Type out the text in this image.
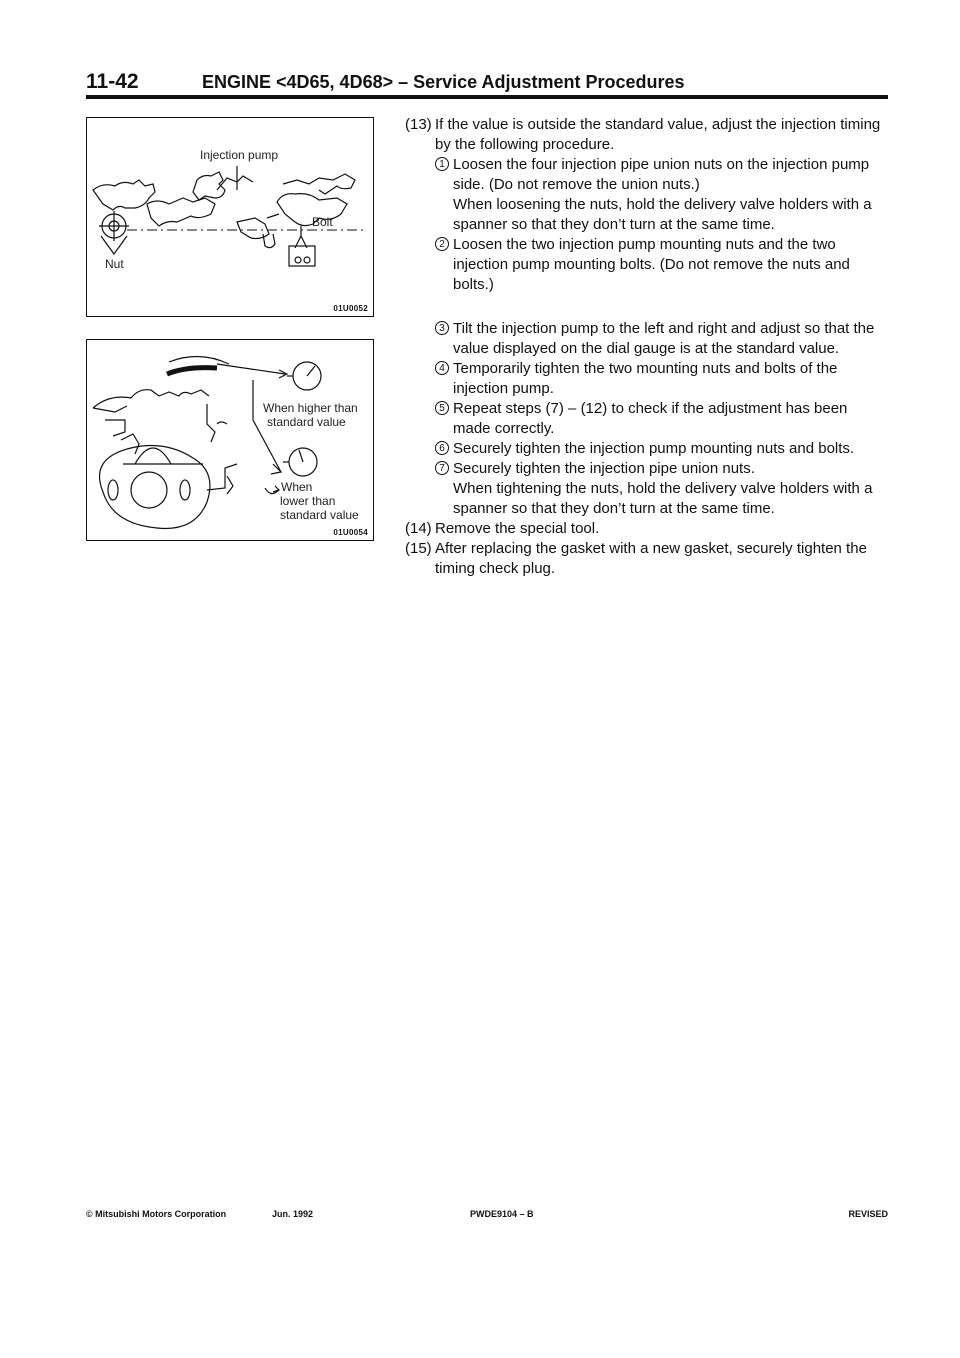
11-42	ENGINE <4D65, 4D68> – Service Adjustment Procedures
Injection pump
Bolt
Nut
01U0052
When higher than
standard value
When
lower than
standard value
01U0054

(13) If the value is outside the standard value, adjust the injection timing by the following procedure.

1 Loosen the four injection pipe union nuts on the injection pump side. (Do not remove the union nuts.)

When loosening the nuts, hold the delivery valve holders with a spanner so that they don’t turn at the same time.

2 Loosen the two injection pump mounting nuts and the two injection pump mounting bolts. (Do not remove the nuts and bolts.)

3 Tilt the injection pump to the left and right and adjust so that the value displayed on the dial gauge is at the standard value.

4 Temporarily tighten the two mounting nuts and bolts of the injection pump.

5 Repeat steps (7) – (12) to check if the adjustment has been made correctly.

6 Securely tighten the injection pump mounting nuts and bolts.

7 Securely tighten the injection pipe union nuts.

When tightening the nuts, hold the delivery valve holders with a spanner so that they don’t turn at the same time.

(14) Remove the special tool.

(15) After replacing the gasket with a new gasket, securely tighten the timing check plug.

© Mitsubishi Motors Corporation	Jun. 1992	PWDE9104 – B	REVISED
